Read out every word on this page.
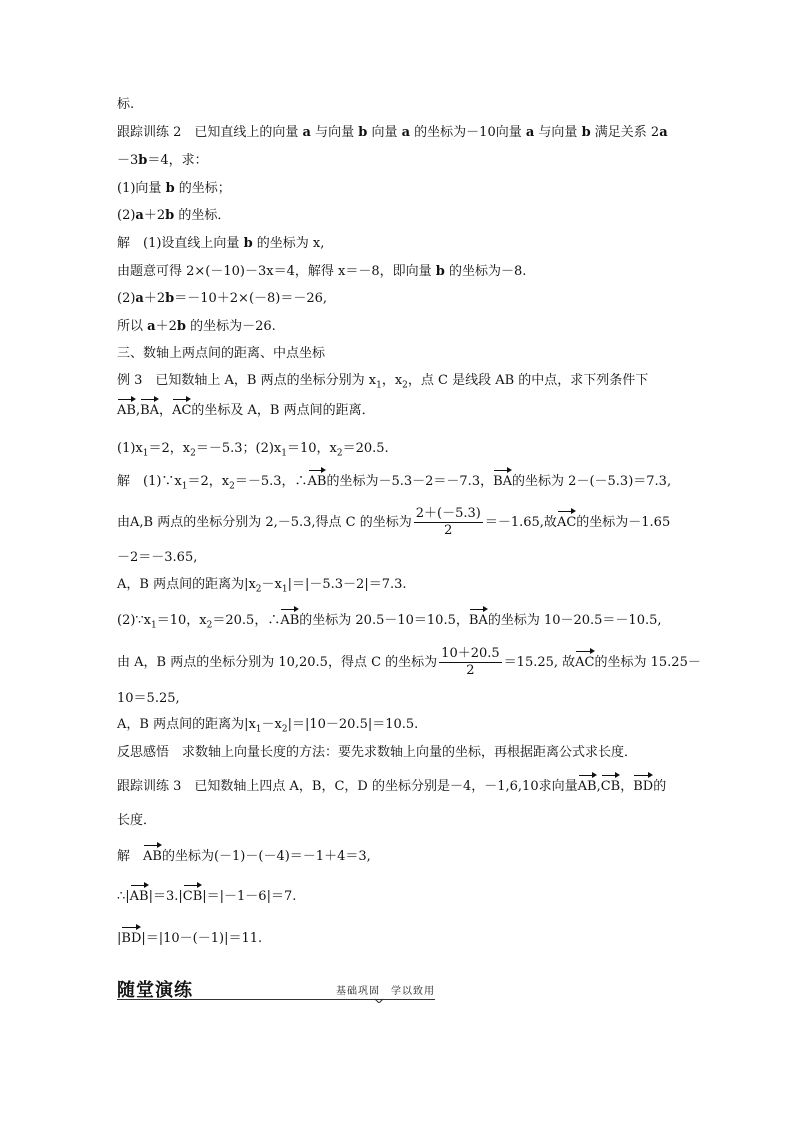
标.
跟踪训练 2　已知直线上的向量 a 与向量 b 向量 a 的坐标为－10向量 a 与向量 b 满足关系 2a
－3b＝4，求：
(1)向量 b 的坐标；
(2)a＋2b 的坐标．
解　(1)设直线上向量 b 的坐标为 x,
由题意可得 2×(－10)－3x＝4，解得 x＝－8，即向量 b 的坐标为－8.
(2)a＋2b＝－10＋2×(－8)＝－26,
所以 a＋2b 的坐标为－26.
三、数轴上两点间的距离、中点坐标
例 3　已知数轴上 A，B 两点的坐标分别为 $x_1$，$x_2$，点 C 是线段 AB 的中点，求下列条件下
AB,BA，AC的坐标及 A，B 两点间的距离．
$(1)x_1=2$，$x_2=-5.3$；$(2)x_1=10$，$x_2=20.5$.
解　$(1)\because x_1=2$，$x_2=-5.3$，∴AB的坐标为－5.3－2＝－7.3，BA的坐标为 2－(－5.3)＝7.3,
由A,B 两点的坐标分别为 2,－5.3,得点 C 的坐标为 $\frac{2+(-5.3)}{2} =-1.65$,故AC的坐标为－1.65
－2＝－3.65,
A，B 两点间的距离为$|x_2-x_1|=|-5.3-2|=7.3$.
$(2)\because x_1=10$，$x_2=20.5$，∴AB的坐标为 20.5－10＝10.5，BA的坐标为 10－20.5＝－10.5,
由 A，B 两点的坐标分别为 10,20.5，得点 C 的坐标为 $\frac{10+20.5}{2} =15.25$, 故AC的坐标为 15.25－
10＝5.25,
A，B 两点间的距离为$|x_1-x_2|=|10-20.5|=10.5$.
反思感悟　求数轴上向量长度的方法：要先求数轴上向量的坐标，再根据距离公式求长度．
跟踪训练 3　已知数轴上四点 A，B，C，D 的坐标分别是－4，－1,6,10求向量AB,CB，BD的
长度．
解　AB的坐标为(－1)－(－4)＝－1＋4＝3,
∴|AB|＝3.|CB|＝|－1－6|＝7.
|BD|＝|10－(－1)|＝11.
随堂演练	基础巩固　学以致用
